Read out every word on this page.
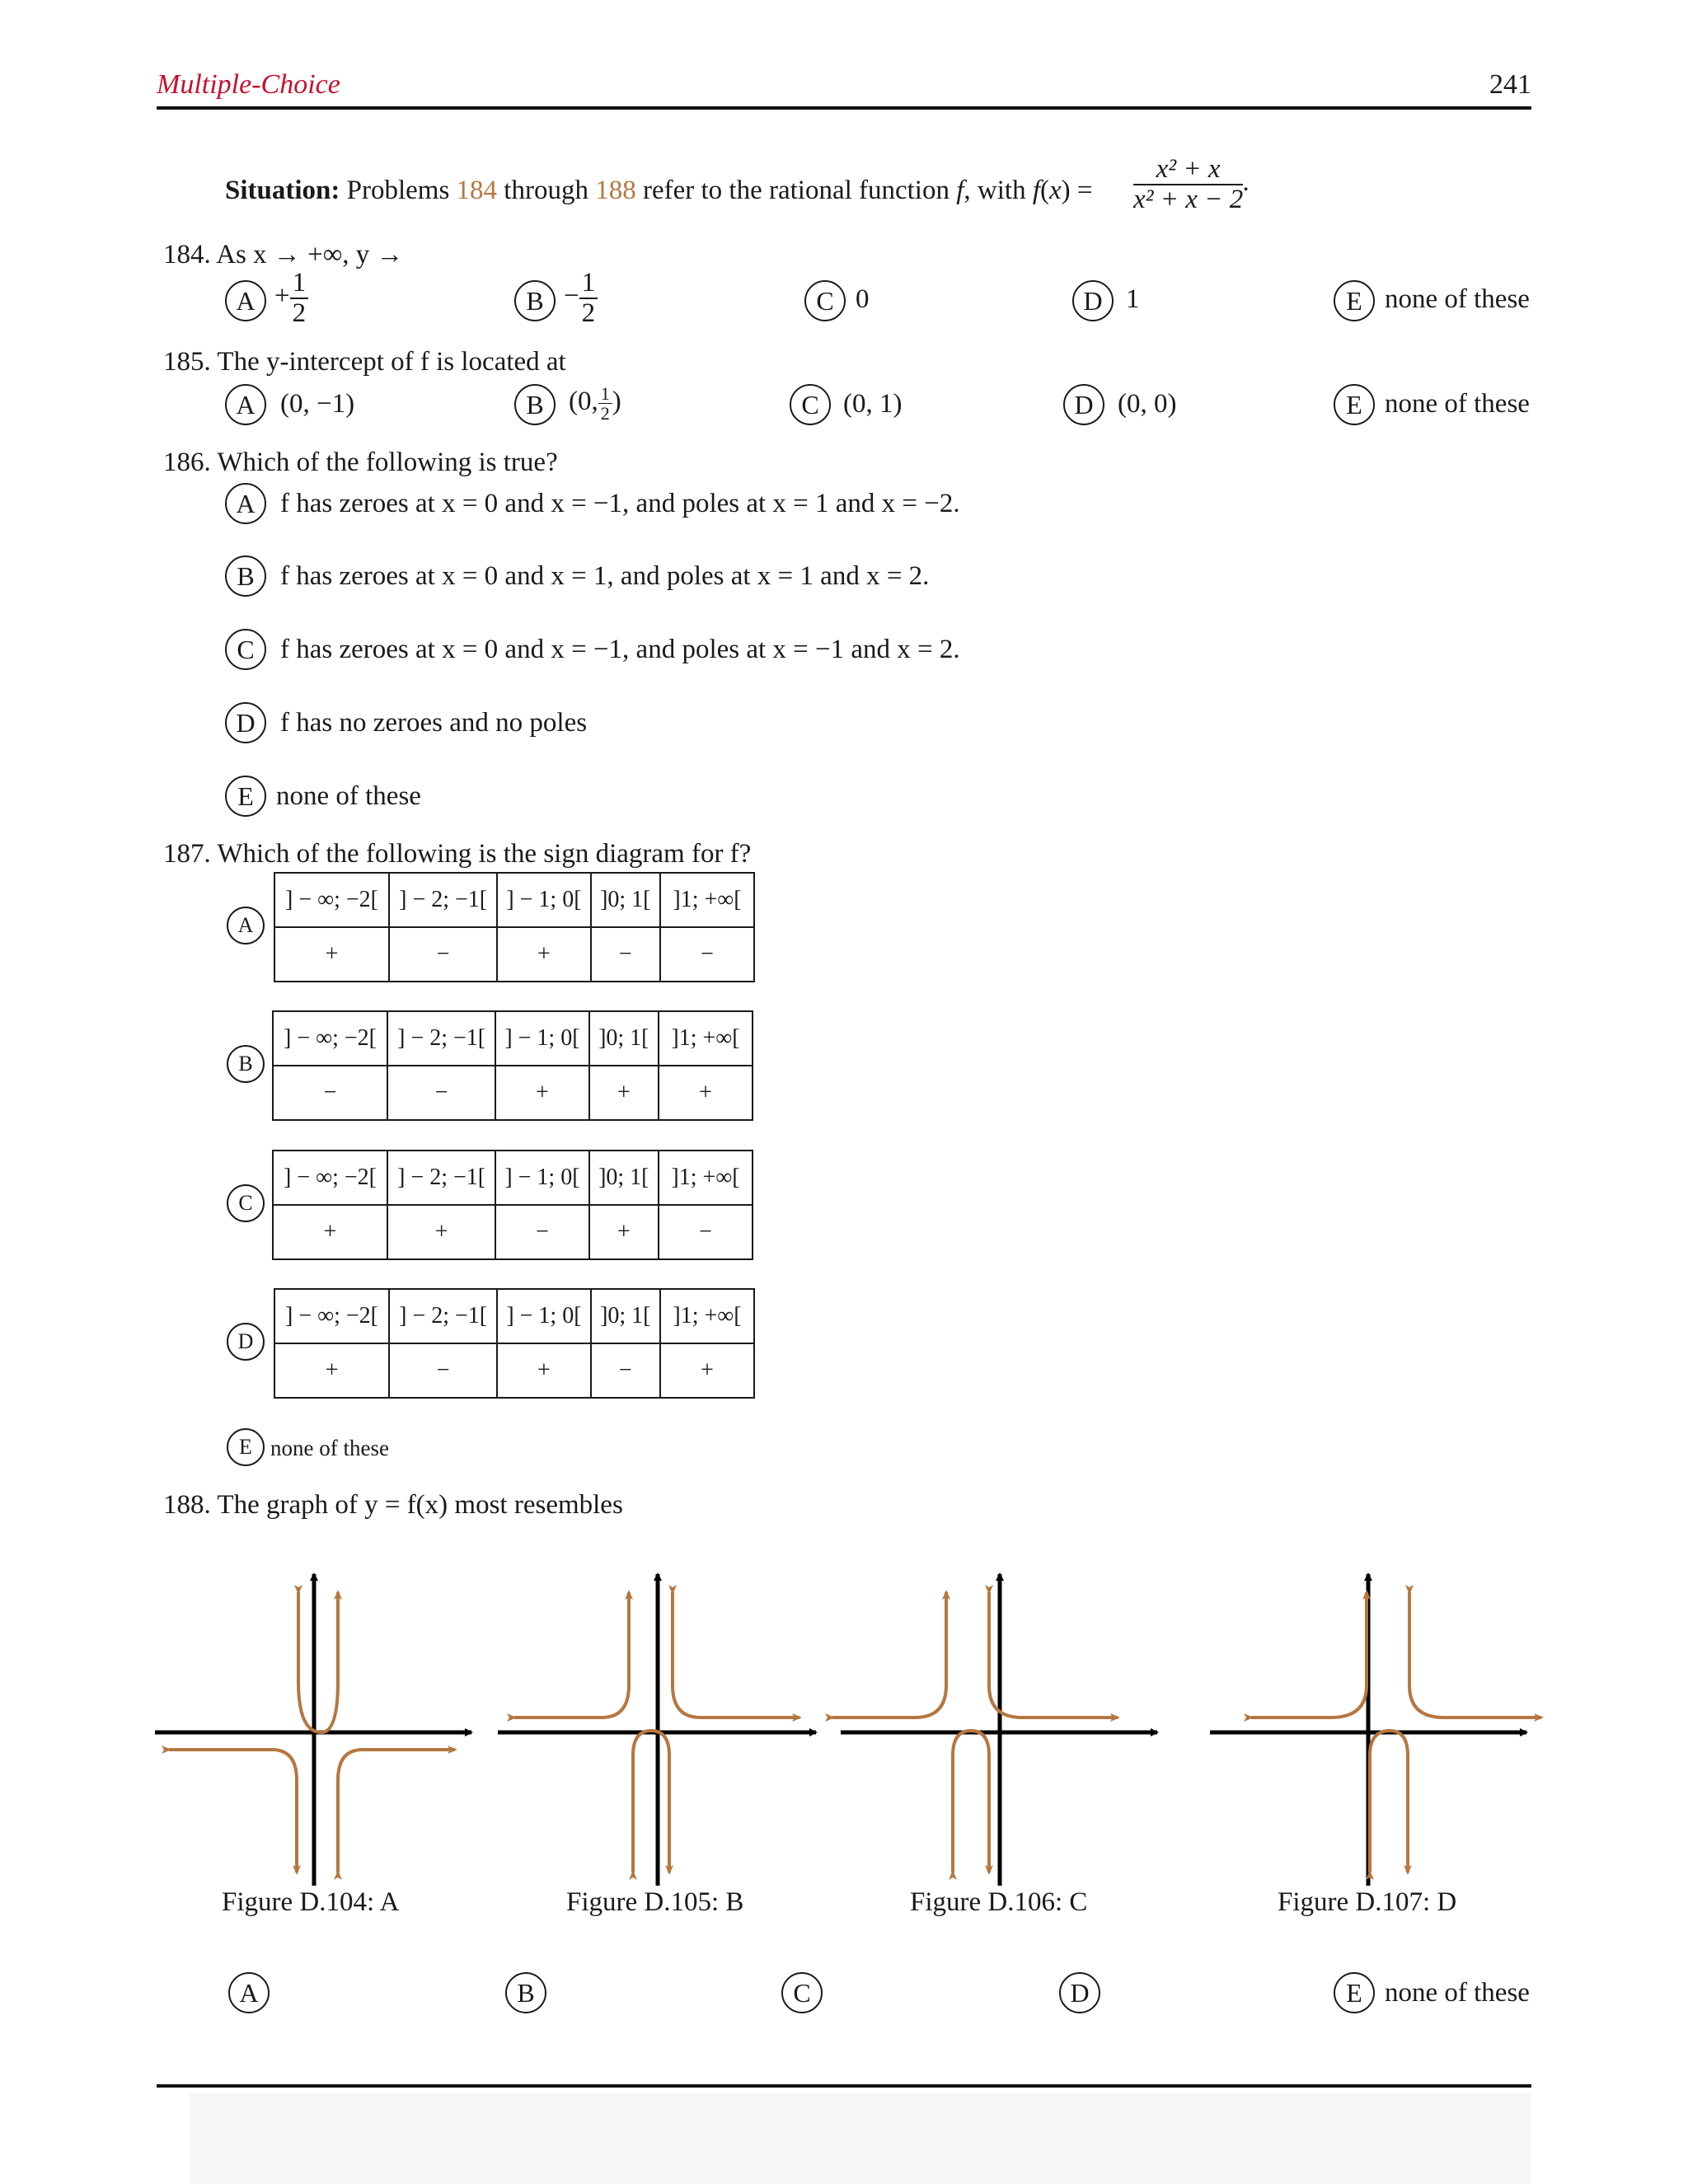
Multiple-Choice	241
Situation: Problems 184 through 188 refer to the rational function f, with $f(x) = \frac{\text{x² + x}}{\text{x² + x − 2}}$ .
184. As x → +∞, y →
$A + \frac{1}{2}$	$B - \frac{1}{2}$	C 0	D 1	E none of these
185. The y-intercept of f is located at
A (0, −1)	B (0, $\frac{1}{2}$ )	C (0, 1)	D (0, 0)	E none of these
186. Which of the following is true?
A f has zeroes at x = 0 and x = −1, and poles at x = 1 and x = −2.
B f has zeroes at x = 0 and x = 1, and poles at x = 1 and x = 2.
C f has zeroes at x = 0 and x = −1, and poles at x = −1 and x = 2.
D f has no zeroes and no poles
E none of these
187. Which of the following is the sign diagram for f?
A
] − ∞; −2[	] − 2; −1[	] − 1; 0[	]0; 1[	]1; +∞[
+	−	+	−	−
B
] − ∞; −2[	] − 2; −1[	] − 1; 0[	]0; 1[	]1; +∞[
−	−	+	+	+
C
] − ∞; −2[	] − 2; −1[	] − 1; 0[	]0; 1[	]1; +∞[
+	+	−	+	−
D
] − ∞; −2[	] − 2; −1[	] − 1; 0[	]0; 1[	]1; +∞[
+	−	+	−	+
E none of these
188. The graph of y = f(x) most resembles
Figure D.104: A	Figure D.105: B	Figure D.106: C	Figure D.107: D
A	B	C	D	E none of these
